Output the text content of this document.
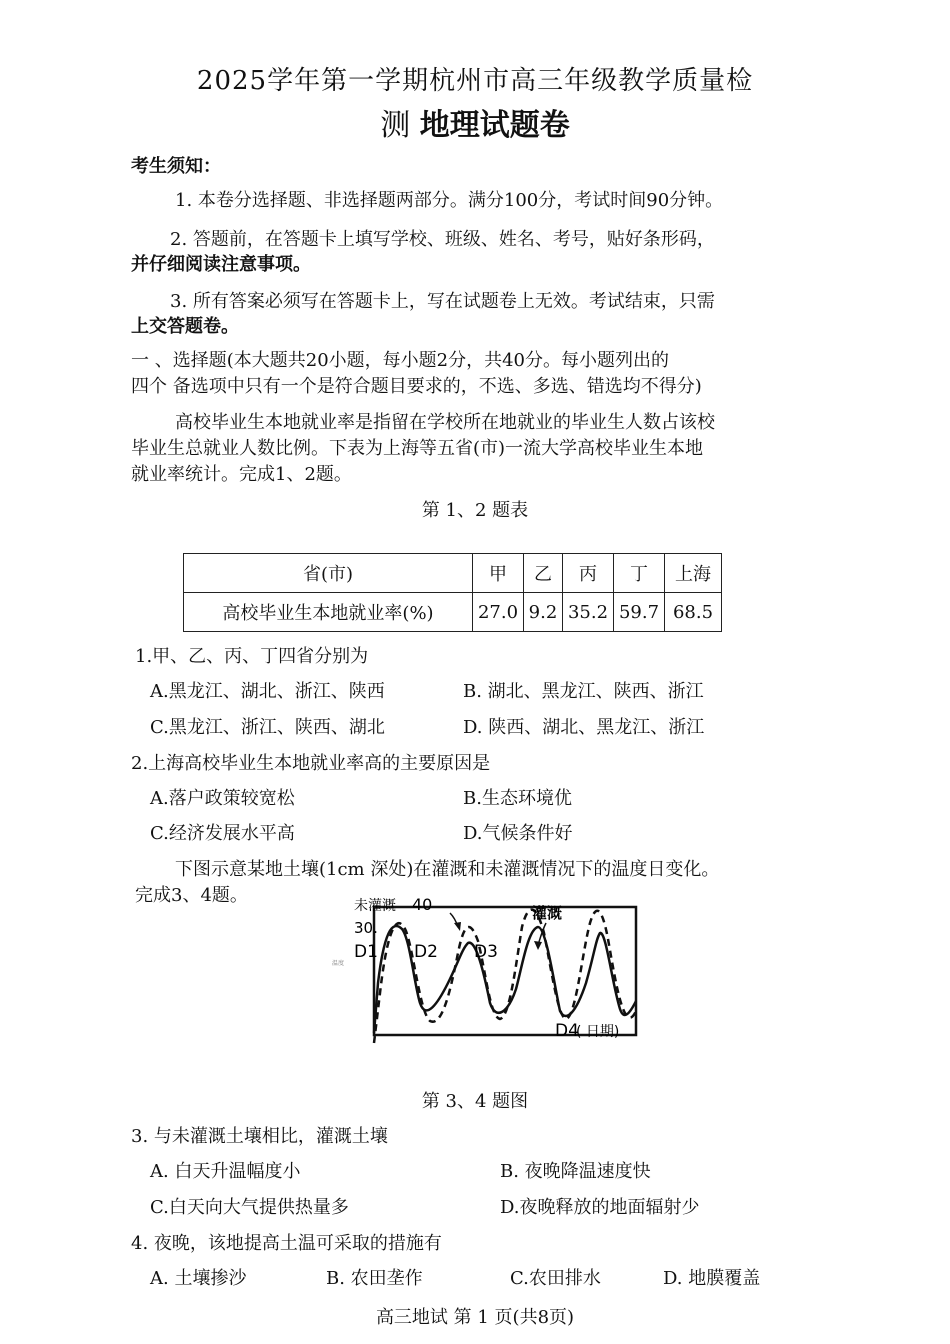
2025学年第一学期杭州市高三年级教学质量检
测 地理试题卷
考生须知：
1. 本卷分选择题、非选择题两部分。满分100分，考试时间90分钟。
2. 答题前，在答题卡上填写学校、班级、姓名、考号，贴好条形码，
并仔细阅读注意事项。
3. 所有答案必须写在答题卡上，写在试题卷上无效。考试结束，只需
上交答题卷。
一 、选择题(本大题共20小题，每小题2分，共40分。每小题列出的
四个 备选项中只有一个是符合题目要求的，不选、多选、错选均不得分)
高校毕业生本地就业率是指留在学校所在地就业的毕业生人数占该校
毕业生总就业人数比例。下表为上海等五省(市)一流大学高校毕业生本地
就业率统计。完成1、2题。
第 1、2 题表
省(市)	甲	乙	丙	丁	上海
高校毕业生本地就业率(%)	27.0	9.2	35.2	59.7	68.5
1.甲、乙、丙、丁四省分别为
A.黑龙江、湖北、浙江、陕西	B. 湖北、黑龙江、陕西、浙江
C.黑龙江、浙江、陕西、湖北	D. 陕西、湖北、黑龙江、浙江
2.上海高校毕业生本地就业率高的主要原因是
A.落户政策较宽松	B.生态环境优
C.经济发展水平高	D.气候条件好
下图示意某地土壤(1cm 深处)在灌溉和未灌溉情况下的温度日变化。
完成3、4题。	未灌溉 40
30.
灌溉
D1 D2 D3
D4
( 日期)
温度
第 3、4 题图
3. 与未灌溉土壤相比，灌溉土壤
A. 白天升温幅度小	B. 夜晚降温速度快
C.白天向大气提供热量多	D.夜晚释放的地面辐射少
4. 夜晚，该地提高土温可采取的措施有
A. 土壤掺沙	B. 农田垄作	C.农田排水	D. 地膜覆盖
高三地试 第 1 页(共8页)
